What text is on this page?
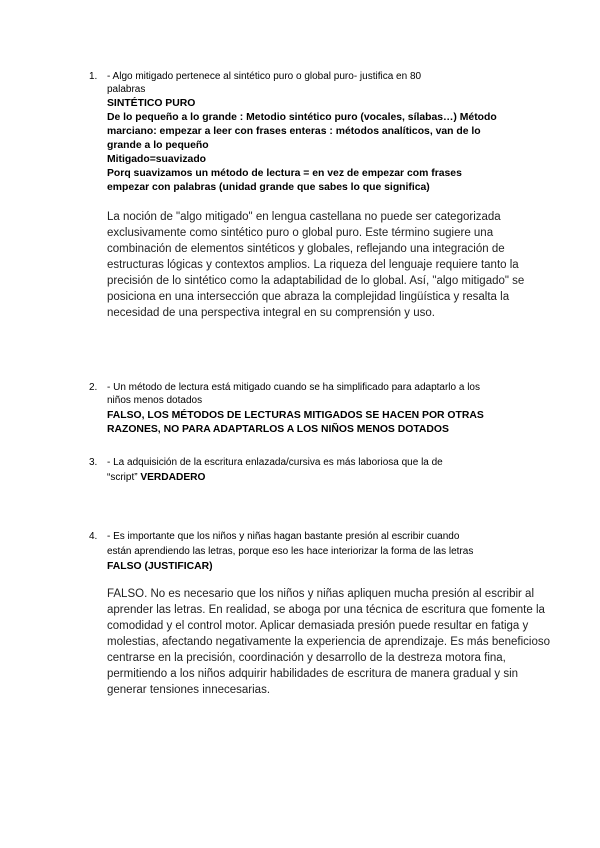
1. - Algo mitigado pertenece al sintético puro o global puro- justifica en 80
palabras
SINTÉTICO PURO
De lo pequeño a lo grande : Metodio sintético puro (vocales, sílabas…) Método
marciano: empezar a leer con frases enteras : métodos analíticos, van de lo
grande a lo pequeño
Mitigado=suavizado
Porq suavizamos un método de lectura = en vez de empezar com frases
empezar con palabras (unidad grande que sabes lo que significa)
La noción de "algo mitigado" en lengua castellana no puede ser categorizada exclusivamente como sintético puro o global puro. Este término sugiere una combinación de elementos sintéticos y globales, reflejando una integración de estructuras lógicas y contextos amplios. La riqueza del lenguaje requiere tanto la precisión de lo sintético como la adaptabilidad de lo global. Así, "algo mitigado" se posiciona en una intersección que abraza la complejidad lingüística y resalta la necesidad de una perspectiva integral en su comprensión y uso.
2. - Un método de lectura está mitigado cuando se ha simplificado para adaptarlo a los
niños menos dotados
FALSO, LOS MÉTODOS DE LECTURAS MITIGADOS SE HACEN POR OTRAS
RAZONES, NO PARA ADAPTARLOS A LOS NIÑOS MENOS DOTADOS
3. - La adquisición de la escritura enlazada/cursiva es más laboriosa que la de
“script” VERDADERO
4. - Es importante que los niños y niñas hagan bastante presión al escribir cuando
están aprendiendo las letras, porque eso les hace interiorizar la forma de las letras
FALSO (JUSTIFICAR)
FALSO. No es necesario que los niños y niñas apliquen mucha presión al escribir al aprender las letras. En realidad, se aboga por una técnica de escritura que fomente la comodidad y el control motor. Aplicar demasiada presión puede resultar en fatiga y molestias, afectando negativamente la experiencia de aprendizaje. Es más beneficioso centrarse en la precisión, coordinación y desarrollo de la destreza motora fina, permitiendo a los niños adquirir habilidades de escritura de manera gradual y sin generar tensiones innecesarias.
